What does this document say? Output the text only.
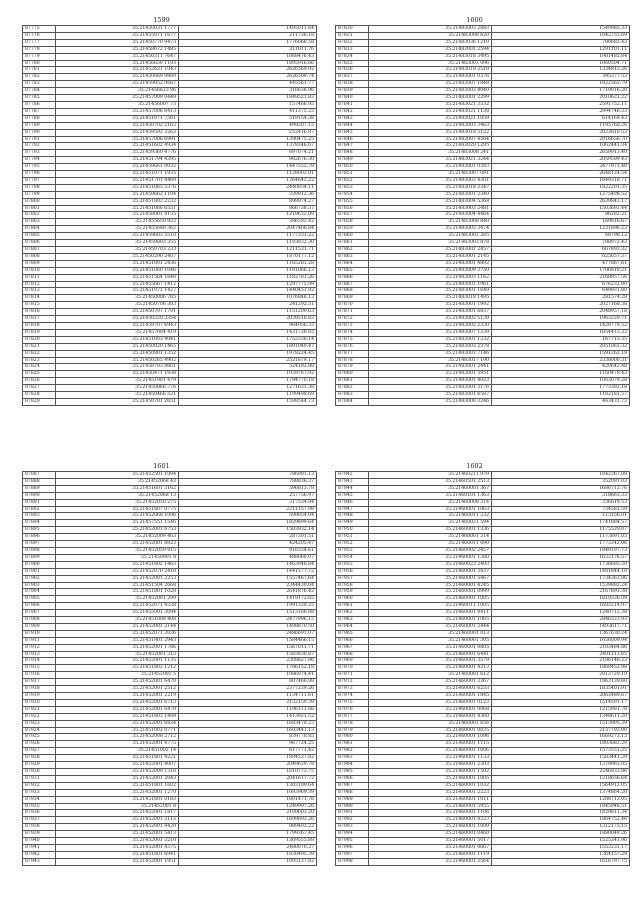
1599
87775	35.21450031 1777	1495011.64
87776	35.21455071 1677	211736.18
87777	35.21450770 9473	1776066.58
87778	35.21458672 1485	311011.76
87779	35.21456311 7647	1668476.43
87780	35.21456650 1193	1895916.66
87781	35.21452631 1043	2626569.92
87782	35.21450669 9889	2626509.74
87783	35.21459052 0667	445561.77
87784	35.21456623 96	316636.96
87785	35.21457009 0449	1849521.83
87786	35.21456007 73	157466.95
87787	35.21457006 6413	411375.23
87788	35.21451071 7561	519154.38
87789	35.21450702 2163	499207.15
87790	35.21459592 3263	252416.87
87791	35.21457006 6991	1390475.25
87792	35.21451602 4934	1378346.67
87793	35.21459360 4776	897074.21
87794	35.21451794 4395	982676.30
87795	35.21459661 0032	1447552.79
87796	35.21451071 1935	1128003.01
87797	35.21451701 4469	1264642.22
87798	35.21451065 5376	2440934.11
87799	35.21459662 1104	339912.36
87800	35.21451803 2232	898974.27
87801	35.21451066 6551	866738.57
87802	35.21458001 4155	1219632.09
87803	35.21455650 922	386593.42
87804	35.21455680 362	2047466.84
87805	35.21459603 5510	1177331.22
87806	35.21459803 355	1193832.30
87807	35.21450703 233	1211531.71
87808	35.21450290 2407	1870177.12
87809	35.21451001 2436	1165281.28
87810	35.21451060 1046	1181066.13
87811	35.21451564 1640	1182761.26
87812	35.21455667 1412	1297775.99
87813	35.21451071 1427	1440451.92
87814	35.21450006 765	1076846.13
87815	35.21450706 303	241292.51
87816	35.21450707 1791	1151209.63
87817	35.21450320 3354	2039516.83
87818	35.21459707 6943	964956.33
87819	35.21457004 419	1431728.65
87820	35.21451003 4041	1752336.14
87821	35.21450020 1465	1891049.47
87822	35.21450801 1352	1978224.45
87823	35.21450265 4902	2521879.17
87824	35.21458703 8661	524192.88
87825	35.21450471 1938	1939767.92
87826	35.21451901 479	1794770.18
87827	35.21450066 776	1271631.38
87828	35.21450466 521	1199498.69
87829	35.21450701 2651	1598544.73
1600
87830	35.21483003 2883	1549985.33
87831	35.21483098 620	1042755.69
87832	35.21483036 1210	780683.43
87833	35.21483001 2594	1291101.11
87834	35.21483018 3495	1981485.84
87835	35.21483003 096	1060504.71
87836	35.21483019 2519	1334813.26
87837	35.21483001 0376	395377.53
87838	35.21483007 1848	1922563.79
87839	35.21483003 4040	1719916.20
87840	35.21483001 2299	2010631.22
87841	35.21483021 3332	2591752.11
87842	35.21483021 1138	2994746.33
87843	35.21483021 1059	614169.43
87844	35.21483003 3463	1195760.26
87845	35.21483018 5122	2023810.53
87846	35.21483007 4564	2016656.70
87847	35.21483020 1295	1062441.34
87848	35.21483008 241	2659013.40
87849	35.21483021 3244	2059599.43
87850	35.21483001 0383	2477971.40
87851	35.21483007 091	2648124.54
87852	35.21483003 4301	1649318.71
87853	35.21483018 2347	1822201.35
87854	35.21483001 2340	1275498.52
87855	35.21483004 5368	2639843.17
87856	35.21483003 2481	1503693.44
87857	35.21483004 4464	86282.21
87858	35.21483008 840	169816.67
87859	35.21483003 3474	1231896.23
87860	35.21483002 285	68798.12
87861	35.21483003 878	788972.43
87862	35.21483002 2457	667893.32
87863	35.21483001 2145	625657.37
87864	35.21483001 4892	477867.61
87865	35.21483009 2750	1706810.21
87866	35.21483003 1162	2168957.56
87867	35.21483001 1961	676232.90
87868	35.21483001 1649	649931.80
87869	35.21483019 1495	281574.28
87870	35.21483001 1992	2027168.38
87871	35.21483001 6837	2048957.18
87872	35.21483002 5139	1963229.71
87873	35.21483002 2330	1428779.52
87874	35.21483007 1239	1854413.32
87875	35.21483001 1232	167713.35
87876	35.21483003 2378	2051061.32
87877	35.21483003 7146	1591262.19
87878	35.21483017 190	2330000.31
87879	35.21483001 2441	420642.48
87880	35.21483001 3951	1160479.43
87881	35.21483001 4023	1063079.28
87882	35.21483001 3176	1773393.18
87883	35.21483001 6587	1182181.57
87884	35.21483000 3246	463431.73
1601
87887	35.21452501 1094	786991.13
87888	35.21452068 43	788836.37
87889	35.21451601 3162	596813.78
87890	35.21452068 13	257756.97
87891	35.21452050 275	317534.94
87892	35.21451807 0775	2211157.98
87893	35.21452068 1096	599054.04
87894	35.21457551 1546	1829899.64
87895	35.21452001 6753	1503932.14
87896	35.21452009 463	287301.51
87897	35.21452001 8923	424205.47
87898	35.21452059 815	916334.61
87899	35.21450901 8	488060.07
87900	35.21451802 1463	1463946.84
87901	35.21452070 2410	1441177.72
87902	35.21452001 2253	1557467.64
87903	35.21451504 2668	2344430.04
87904	35.21451801 1028	2641876.42
87905	35.21452001 299	1419172.65
87906	35.21452071 4338	1991339.25
87907	35.21455001 3094	1513166.88
87908	35.21451008 408	2477996.15
87909	35.21452001 2144	1498870.50
87910	35.21452071 2036	2486691.07
87911	35.21451801 2943	1584466.15
87912	35.21452001 1786	1567011.71
87913	35.21452001 313	1583830.87
87914	35.21452001 1135	2308827.86
87915	35.21451802 1212	1786152.18
87916	35.21452001 5	1086974.41
87917	35.21452001 6470	807466.98
87918	35.21452001 2512	2377239.26
87919	35.21452001 2219	1134711.61
87920	35.21452001 6713	2132159.39
87921	35.21452001 6478	1196111.66
87922	35.21451803 1489	1413921.52
87923	35.21452001 6834	1683470.23
87924	35.21451002 0771	1603441.13
87925	35.21452008 2712	839778.85
87926	35.21452001 4775	967724.25
87927	35.21451002 14	617771.42
87928	35.21451801 4221	1894537.82
87929	35.21452001 4007	2049629.78
87930	35.21452009 1310	1810773.75
87931	35.21452001 2043	2041617.72
87932	35.21451801 1602	1303109.64
87933	35.21452001 1270	1093969.39
87934	35.21451801 0183	1801471.76
87935	35.21452001 8	1249997.26
87936	35.21452001 1817	2109603.20
87937	35.21452001 2115	1699693.26
87938	35.21452001 8429	989403.22
87939	35.21452001 5413	1799367.45
87940	35.21452001 3210	1369555.88
87941	35.21452001 4375	2480070.27
87942	35.21451801 6941	1830495.39
87943	35.21452001 1951	1095127.82
1602
87942	35.21460211 970	1042367.09
87943	35.21460501 2513	352091.03
87944	35.21460001 367	1686713.76
87945	35.21460101 1363	318663.33
87946	35.21460008 314	336619.53
87947	35.21460001 1063	734581.59
87948	35.21460011 232	113156.01
87949	35.21460021 594	1741884.57
87950	35.21460001 1336	1175529.07
87951	35.21460001 314	1173891.05
87952	35.21460011 090	1773342.06
87953	35.21460002 2457	1840197.73
87954	35.21460001 1380	1632176.57
87955	35.21460023 2493	1736693.20
87956	35.21460001 3437	1481844.10
87957	35.21460001 5467	1734363.86
87958	35.21460001 4245	1539883.24
87959	35.21460001 0999	2167893.38
87960	35.21460001 1005	1819336.09
87961	35.21460011 1005	1683214.97
87962	35.21460001 9411	1240712.38
87963	35.21460001 1065	2846323.93
87964	35.21460001 2444	1493617.71
87965	35.21460001 013	1367630.24
87966	35.21460001 305	1656009.94
87967	35.21460001 0805	2103484.86
87968	35.21460001 6441	2401113.65
87969	35.21460001 3579	2186146.23
87970	35.21460001 4213	1869453.98
87971	35.21460001 612	2913729.19
87972	35.21460001 3367	1963139.60
87973	35.21460001 6233	1835401.91
87974	35.21460001 1845	2063489.67
87975	35.21460001 0123	1514591.17
87976	35.21460001 0068	1215981.78
87977	35.21460001 4360	1348611.20
87978	35.21460001 656	1513995.39
87979	35.21460001 0035	2137793.00
87980	35.21460001 1096	1669273.15
87981	35.21460001 1115	1803883.29
87982	35.21460001 1006	1573551.25
87983	35.21460001 1133	1583441.29
87984	35.21460001 2303	1379965.05
87985	35.21460001 1502	2246933.86
87986	35.21460001 1005	1218656.64
87987	35.21460001 1032	1564913.05
87988	35.21460001 2223	1374864.20
87989	35.21460001 1011	1288713.05
87990	35.21460001 5955	1845946.51
87991	35.21460001 1106	1829811.34
87992	35.21460001 8223	1864752.46
87993	35.21460001 1009	1312173.15
87994	35.21460001 0460	1880049.26
87995	35.21460001 5017	1525341.96
87996	35.21460001 0667	1553231.17
87997	35.21460001 1119	1364157.29
87998	35.21460001 2564	1616797.75
